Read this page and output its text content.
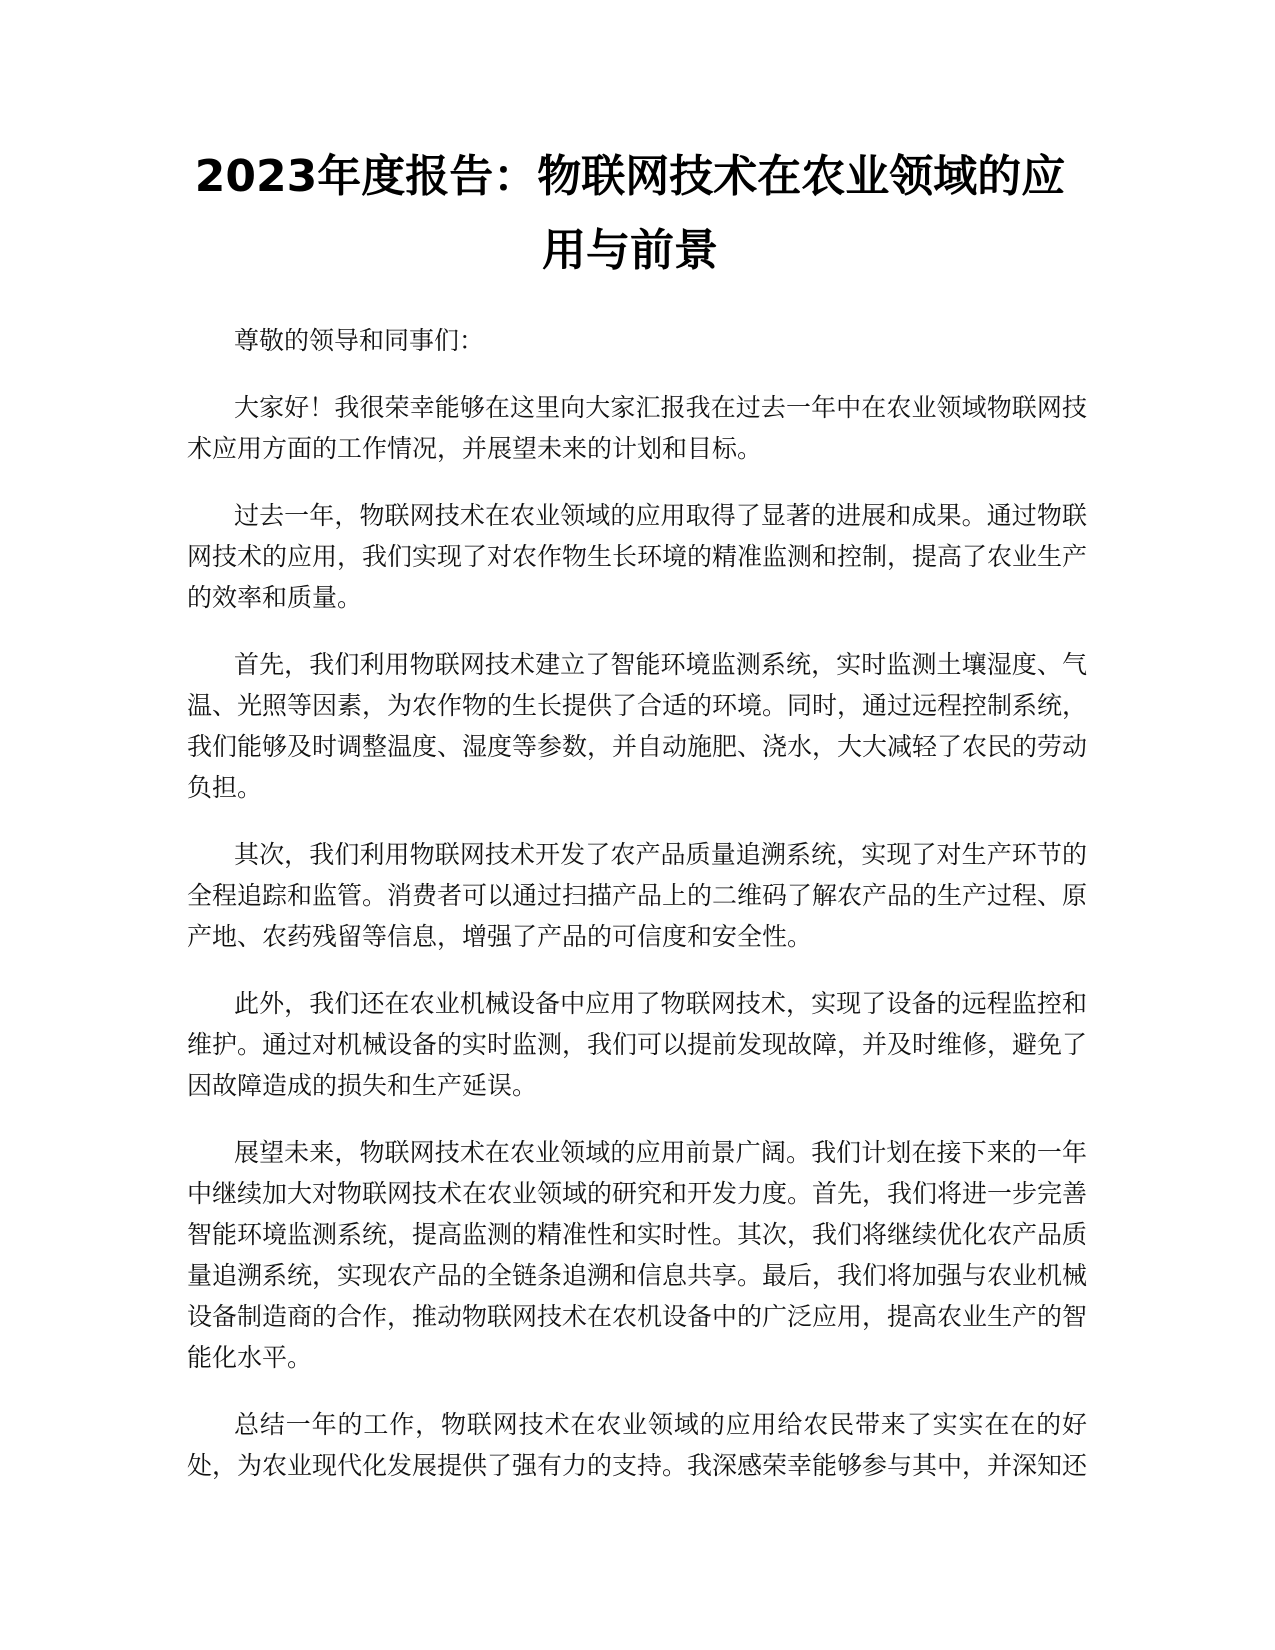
2023年度报告：物联网技术在农业领域的应
用与前景

尊敬的领导和同事们：

大家好！我很荣幸能够在这里向大家汇报我在过去一年中在农业领域物联网技术应用方面的工作情况，并展望未来的计划和目标。

过去一年，物联网技术在农业领域的应用取得了显著的进展和成果。通过物联网技术的应用，我们实现了对农作物生长环境的精准监测和控制，提高了农业生产的效率和质量。

首先，我们利用物联网技术建立了智能环境监测系统，实时监测土壤湿度、气温、光照等因素，为农作物的生长提供了合适的环境。同时，通过远程控制系统，我们能够及时调整温度、湿度等参数，并自动施肥、浇水，大大减轻了农民的劳动负担。

其次，我们利用物联网技术开发了农产品质量追溯系统，实现了对生产环节的全程追踪和监管。消费者可以通过扫描产品上的二维码了解农产品的生产过程、原产地、农药残留等信息，增强了产品的可信度和安全性。

此外，我们还在农业机械设备中应用了物联网技术，实现了设备的远程监控和维护。通过对机械设备的实时监测，我们可以提前发现故障，并及时维修，避免了因故障造成的损失和生产延误。

展望未来，物联网技术在农业领域的应用前景广阔。我们计划在接下来的一年中继续加大对物联网技术在农业领域的研究和开发力度。首先，我们将进一步完善智能环境监测系统，提高监测的精准性和实时性。其次，我们将继续优化农产品质量追溯系统，实现农产品的全链条追溯和信息共享。最后，我们将加强与农业机械设备制造商的合作，推动物联网技术在农机设备中的广泛应用，提高农业生产的智能化水平。

总结一年的工作，物联网技术在农业领域的应用给农民带来了实实在在的好处，为农业现代化发展提供了强有力的支持。我深感荣幸能够参与其中，并深知还
